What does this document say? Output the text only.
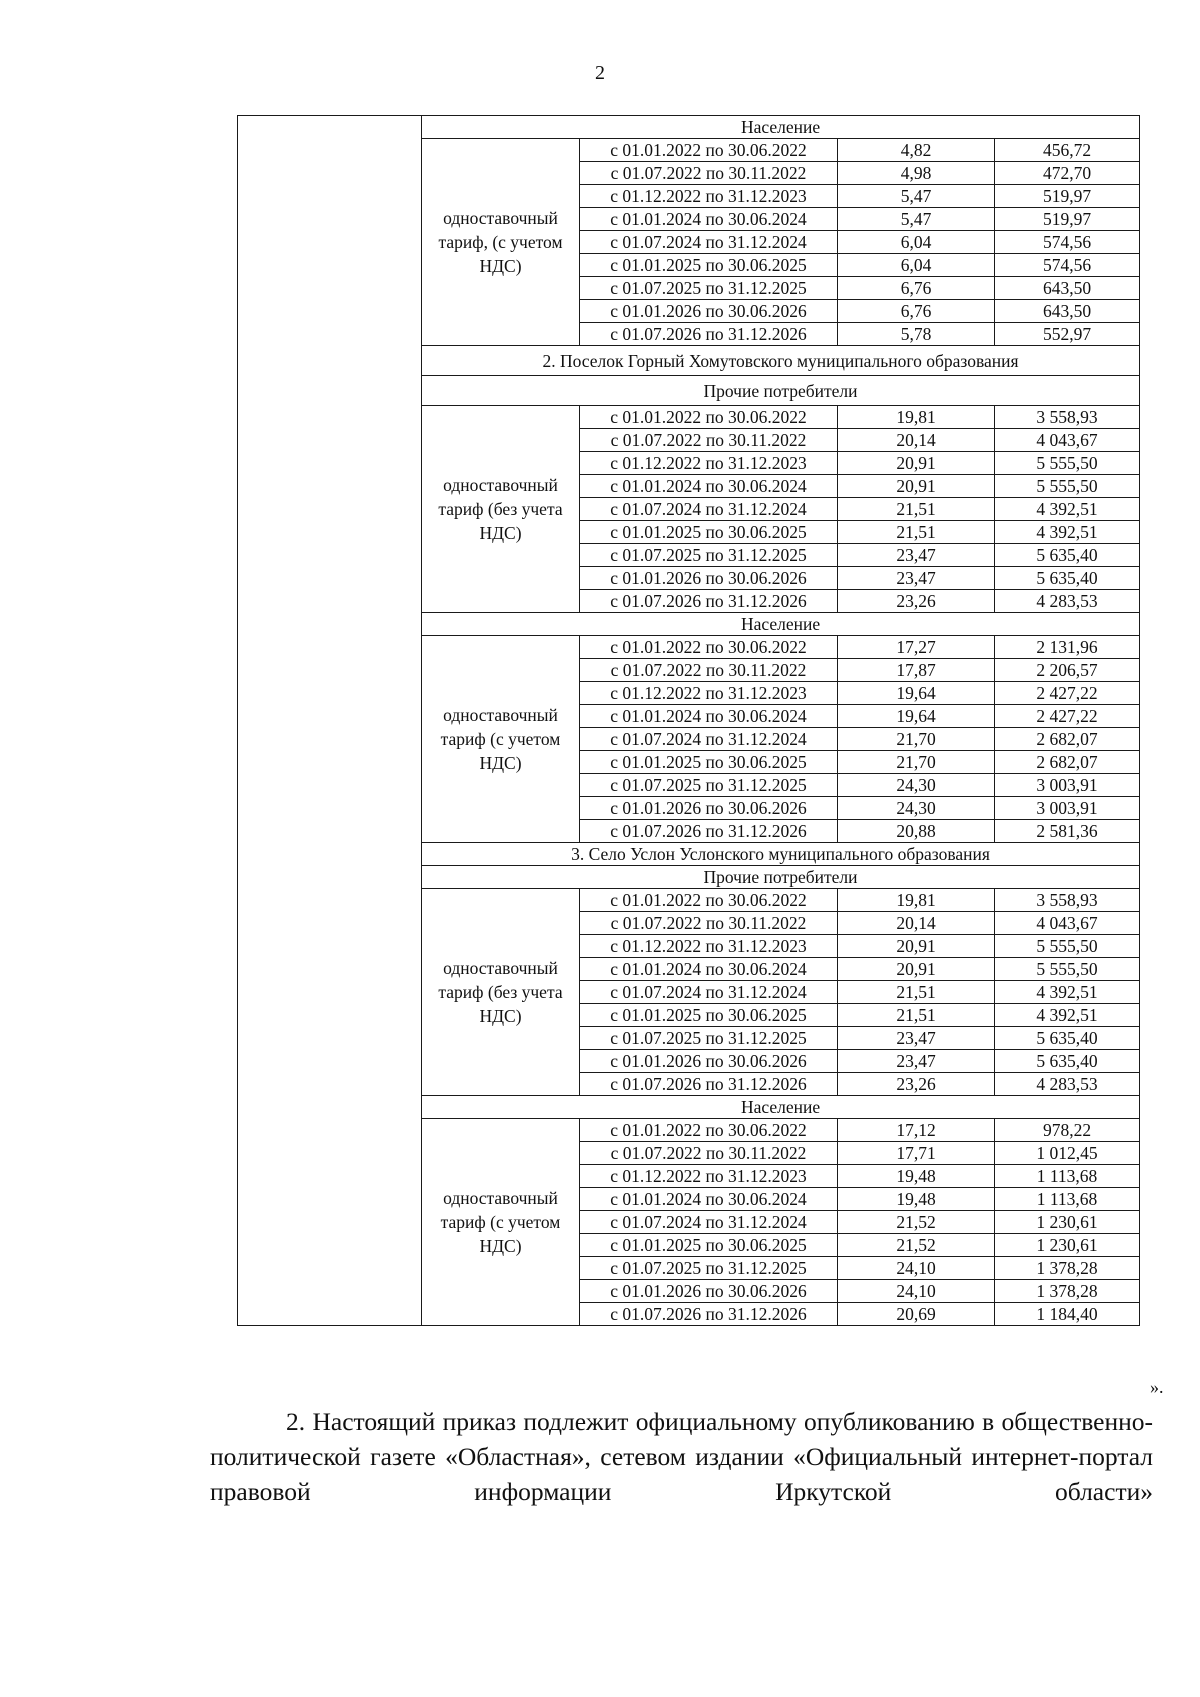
2
	Население			
	одноставочный тариф, (с учетом НДС)	с 01.01.2022 по 30.06.2022	4,82	456,72
		с 01.07.2022 по 30.11.2022	4,98	472,70
		с 01.12.2022 по 31.12.2023	5,47	519,97
		с 01.01.2024 по 30.06.2024	5,47	519,97
		с 01.07.2024 по 31.12.2024	6,04	574,56
		с 01.01.2025 по 30.06.2025	6,04	574,56
		с 01.07.2025 по 31.12.2025	6,76	643,50
		с 01.01.2026 по 30.06.2026	6,76	643,50
		с 01.07.2026 по 31.12.2026	5,78	552,97
	2. Поселок Горный Хомутовского муниципального образования			
	Прочие потребители			
	одноставочный тариф (без учета НДС)	с 01.01.2022 по 30.06.2022	19,81	3 558,93
		с 01.07.2022 по 30.11.2022	20,14	4 043,67
		с 01.12.2022 по 31.12.2023	20,91	5 555,50
		с 01.01.2024 по 30.06.2024	20,91	5 555,50
		с 01.07.2024 по 31.12.2024	21,51	4 392,51
		с 01.01.2025 по 30.06.2025	21,51	4 392,51
		с 01.07.2025 по 31.12.2025	23,47	5 635,40
		с 01.01.2026 по 30.06.2026	23,47	5 635,40
		с 01.07.2026 по 31.12.2026	23,26	4 283,53
	Население			
	одноставочный тариф (с учетом НДС)	с 01.01.2022 по 30.06.2022	17,27	2 131,96
		с 01.07.2022 по 30.11.2022	17,87	2 206,57
		с 01.12.2022 по 31.12.2023	19,64	2 427,22
		с 01.01.2024 по 30.06.2024	19,64	2 427,22
		с 01.07.2024 по 31.12.2024	21,70	2 682,07
		с 01.01.2025 по 30.06.2025	21,70	2 682,07
		с 01.07.2025 по 31.12.2025	24,30	3 003,91
		с 01.01.2026 по 30.06.2026	24,30	3 003,91
		с 01.07.2026 по 31.12.2026	20,88	2 581,36
	3. Село Услон Услонского муниципального образования			
	Прочие потребители			
	одноставочный тариф (без учета НДС)	с 01.01.2022 по 30.06.2022	19,81	3 558,93
		с 01.07.2022 по 30.11.2022	20,14	4 043,67
		с 01.12.2022 по 31.12.2023	20,91	5 555,50
		с 01.01.2024 по 30.06.2024	20,91	5 555,50
		с 01.07.2024 по 31.12.2024	21,51	4 392,51
		с 01.01.2025 по 30.06.2025	21,51	4 392,51
		с 01.07.2025 по 31.12.2025	23,47	5 635,40
		с 01.01.2026 по 30.06.2026	23,47	5 635,40
		с 01.07.2026 по 31.12.2026	23,26	4 283,53
	Население			
	одноставочный тариф (с учетом НДС)	с 01.01.2022 по 30.06.2022	17,12	978,22
		с 01.07.2022 по 30.11.2022	17,71	1 012,45
		с 01.12.2022 по 31.12.2023	19,48	1 113,68
		с 01.01.2024 по 30.06.2024	19,48	1 113,68
		с 01.07.2024 по 31.12.2024	21,52	1 230,61
		с 01.01.2025 по 30.06.2025	21,52	1 230,61
		с 01.07.2025 по 31.12.2025	24,10	1 378,28
		с 01.01.2026 по 30.06.2026	24,10	1 378,28
		с 01.07.2026 по 31.12.2026	20,69	1 184,40
».

2. Настоящий приказ подлежит официальному опубликованию в общественно-политической газете «Областная», сетевом издании «Официальный интернет-портал правовой информации Иркутской области»
